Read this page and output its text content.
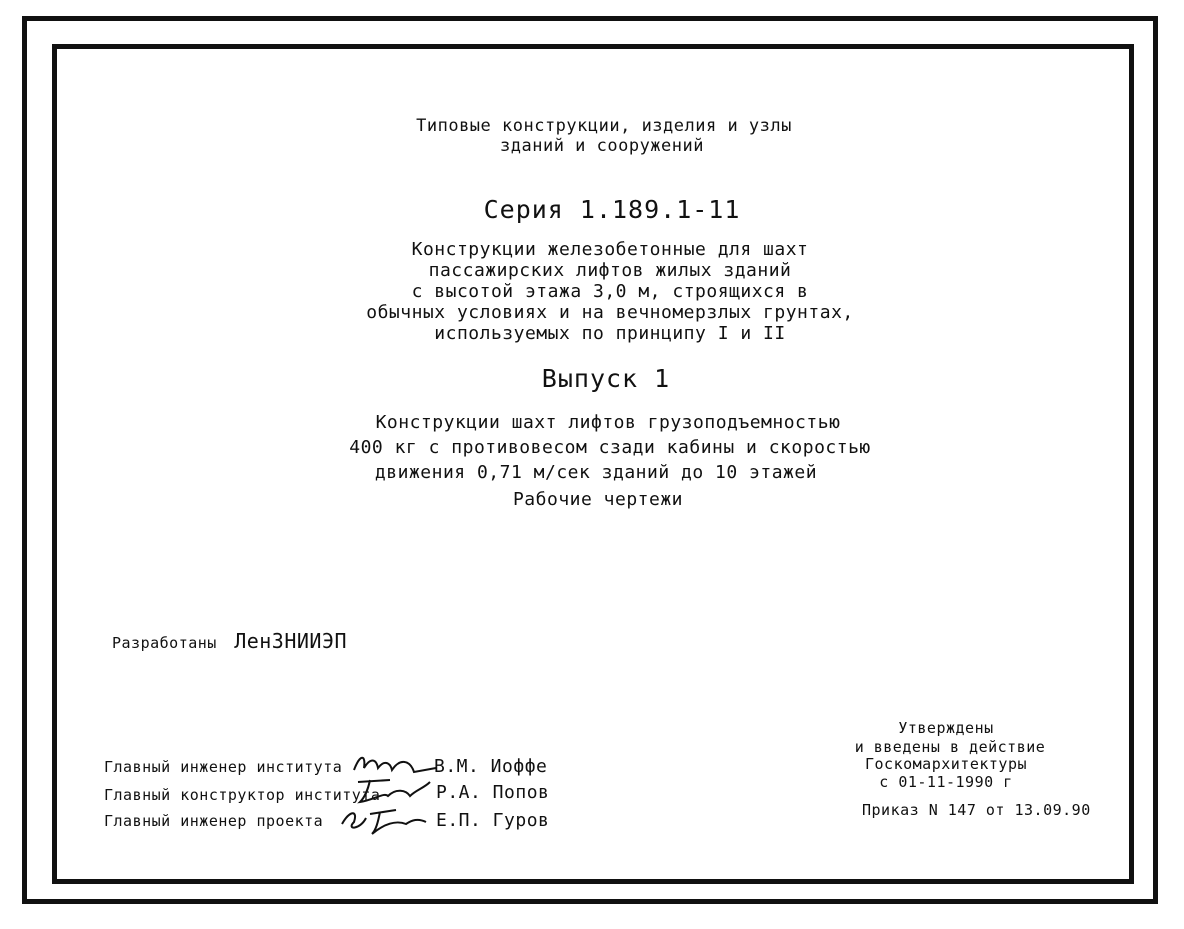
Типовые конструкции, изделия и узлы
зданий и сооружений
Серия 1.189.1-11
Конструкции железобетонные для шахт
пассажирских лифтов жилых зданий
с высотой этажа 3,0 м, строящихся в
обычных условиях и на вечномерзлых грунтах,
используемых по принципу I и II
Выпуск 1
Конструкции шахт лифтов грузоподъемностью
400 кг с противовесом сзади кабины и скоростью
движения 0,71 м/сек зданий до 10 этажей
Рабочие чертежи
Разработаны ЛенЗНИИЭП
Утверждены
и введены в действие
Госкомархитектуры
с 01-11-1990 г
Приказ N 147 от 13.09.90
Главный инженер института	В.М. Иоффе
Главный конструктор института	Р.А. Попов
Главный инженер проекта	Е.П. Гуров
